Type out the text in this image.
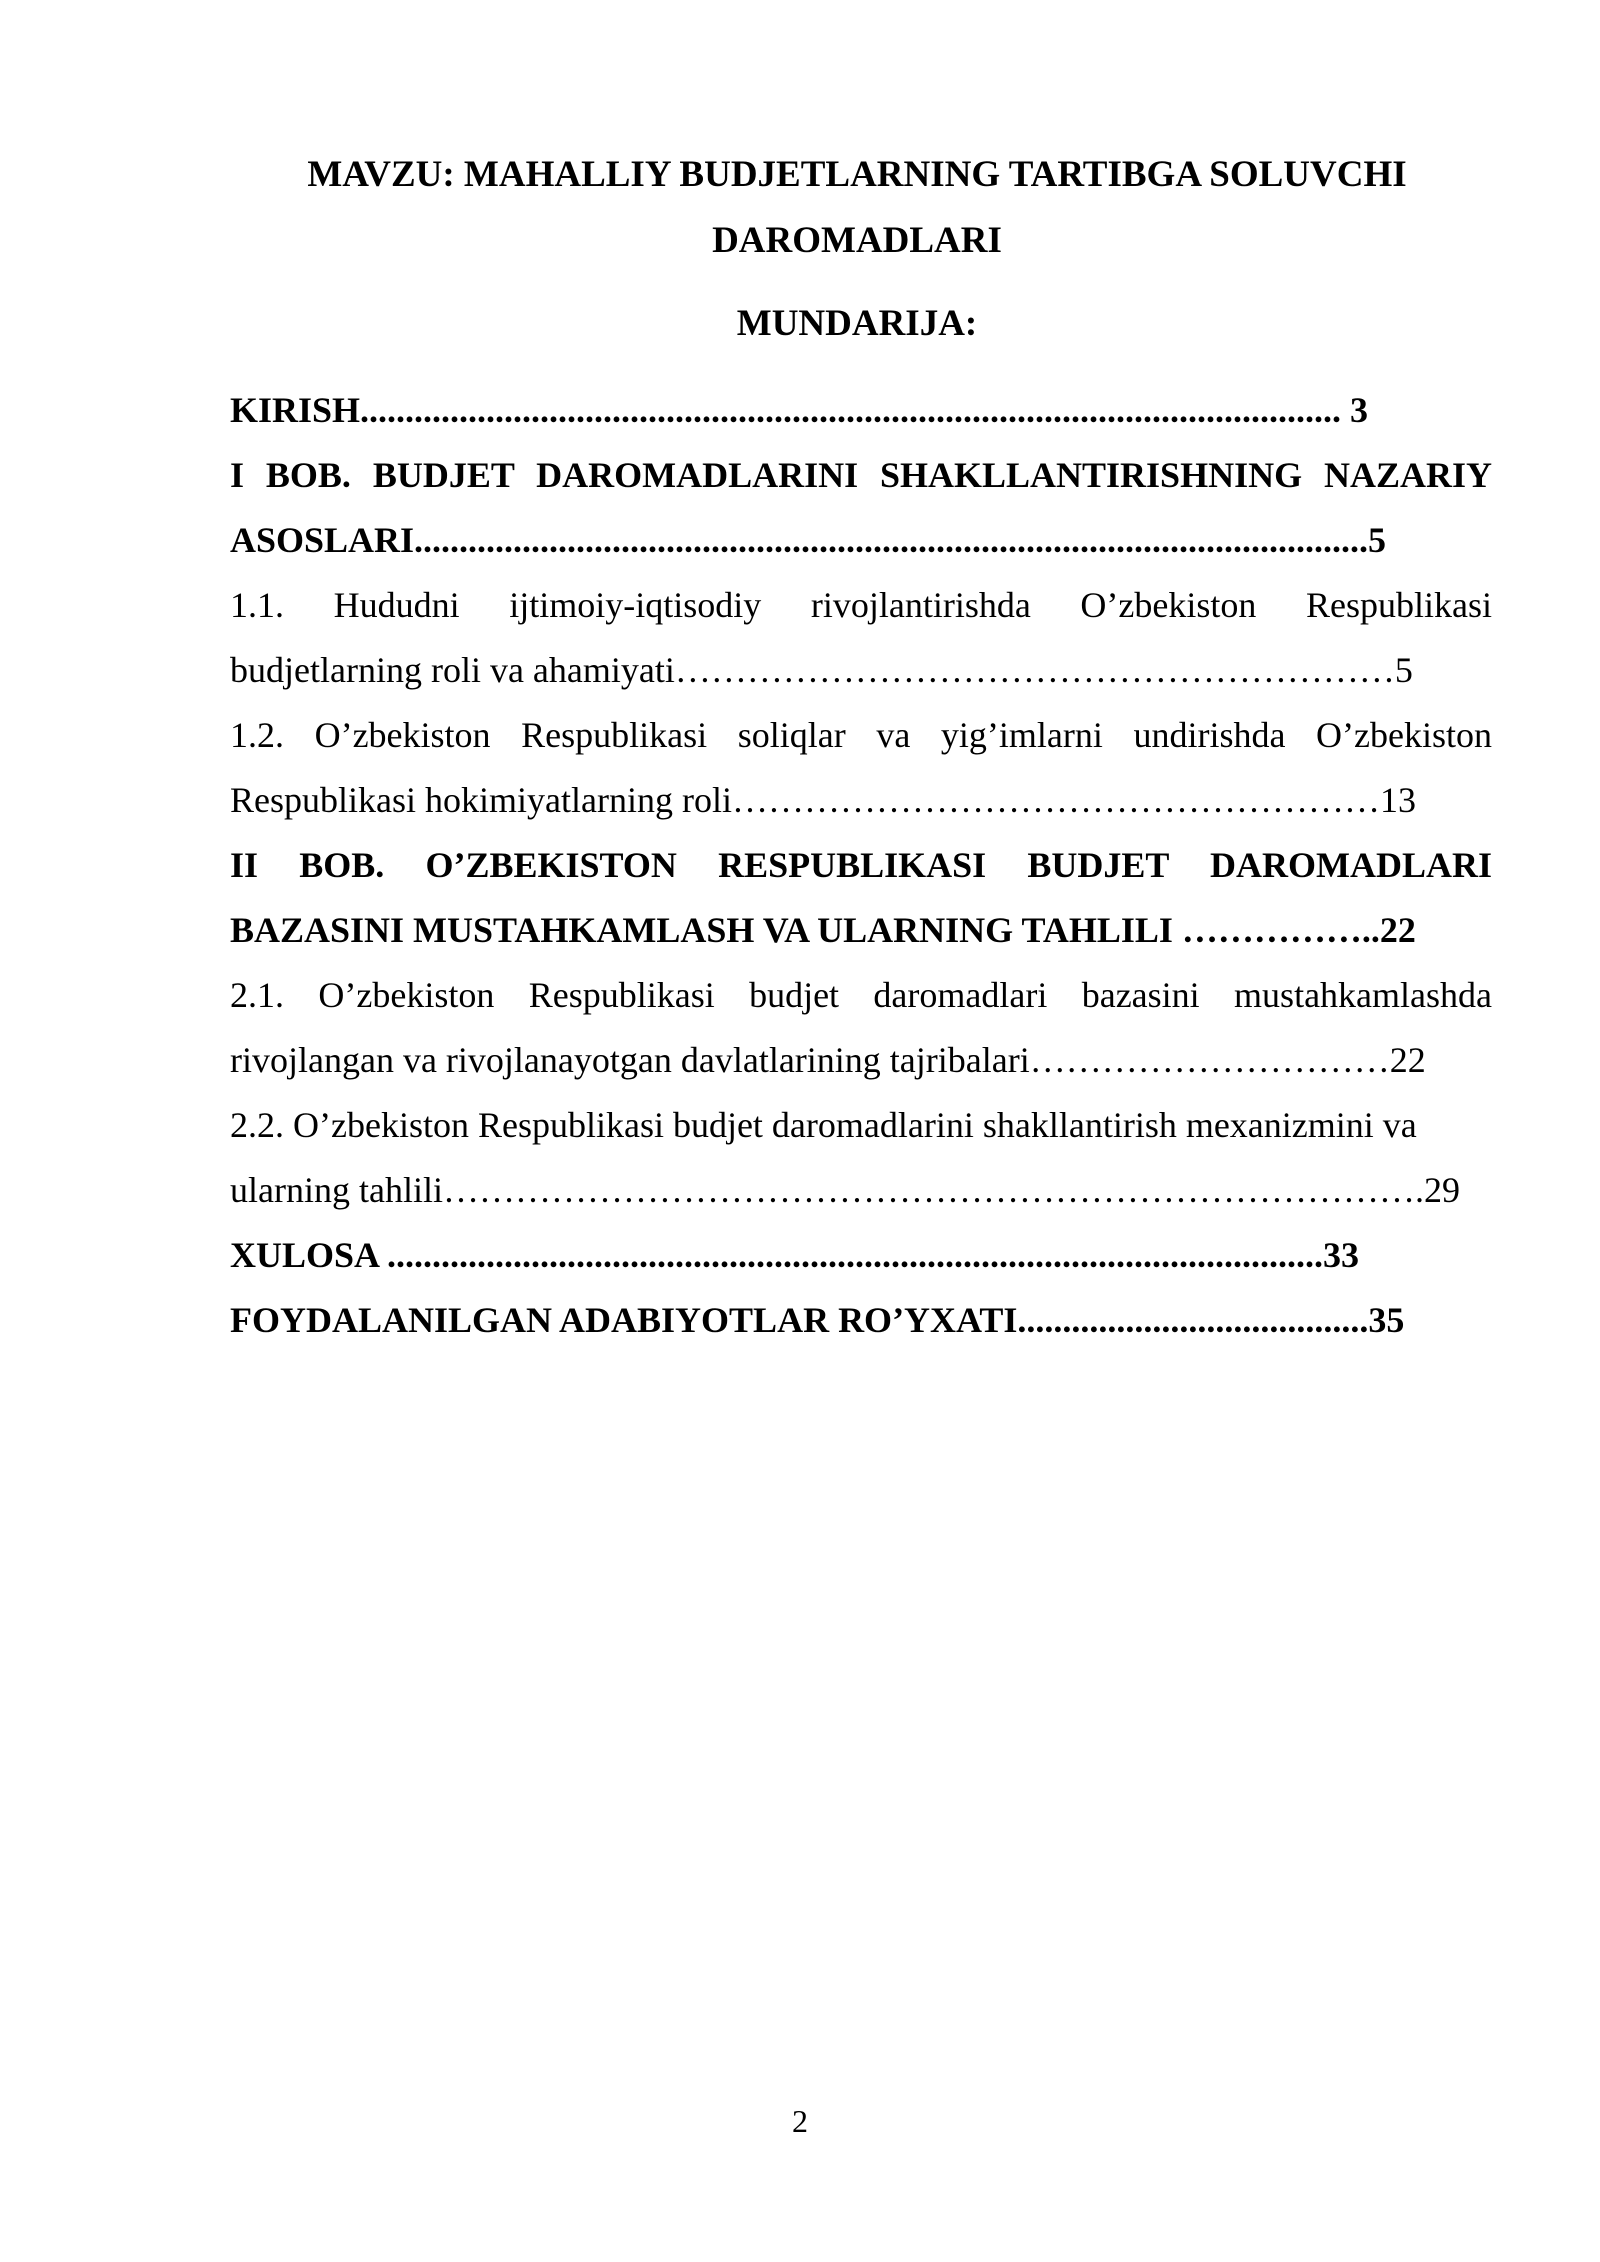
MAVZU: MAHALLIY BUDJETLARNING TARTIBGA SOLUVCHI
DAROMADLARI
MUNDARIJA:
KIRISH............................................................................................................. 3
I BOB. BUDJET DAROMADLARINI SHAKLLANTIRISHNING NAZARIY
ASOSLARI..........................................................................................................5
1.1. Hududni ijtimoiy-iqtisodiy rivojlantirishda O’zbekiston Respublikasi
budjetlarning roli va ahamiyati……………………………………………………5
1.2. O’zbekiston Respublikasi soliqlar va yig’imlarni undirishda O’zbekiston
Respublikasi hokimiyatlarning roli………………………………………………13
II BOB. O’ZBEKISTON RESPUBLIKASI BUDJET DAROMADLARI
BAZASINI MUSTAHKAMLASH VA ULARNING TAHLILI ……………..22
2.1. O’zbekiston Respublikasi budjet daromadlari bazasini mustahkamlashda
rivojlangan va rivojlanayotgan davlatlarining tajribalari…………………………22
2.2. O’zbekiston Respublikasi budjet daromadlarini shakllantirish mexanizmini va
ularning tahlili……………………………………………………………………….29
XULOSA ........................................................................................................33
FOYDALANILGAN ADABIYOTLAR RO’YXATI.......................................35
2
